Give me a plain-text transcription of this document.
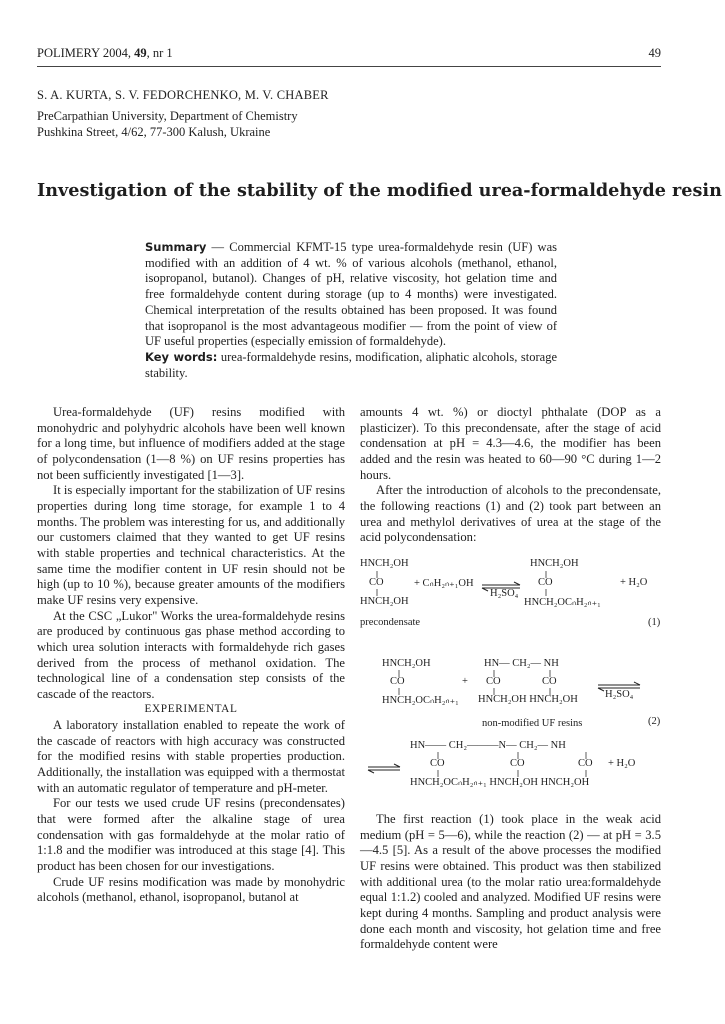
POLIMERY 2004, 49, nr 1	49
S. A. KURTA, S. V. FEDORCHENKO, M. V. CHABER
PreCarpathian University, Department of Chemistry
Pushkina Street, 4/62, 77-300 Kalush, Ukraine
Investigation of the stability of the modified urea-formaldehyde resin
Summary — Commercial KFMT-15 type urea-formaldehyde resin (UF) was modified with an addition of 4 wt. % of various alcohols (methanol, ethanol, isopropanol, butanol). Changes of pH, relative viscosity, hot gelation time and free formaldehyde content during storage (up to 4 months) were investigated. Chemical interpretation of the results obtained has been proposed. It was found that isopropanol is the most advantageous modifier — from the point of view of UF useful properties (especially emission of formaldehyde).
Key words: urea-formaldehyde resins, modification, aliphatic alcohols, storage stability.

Urea-formaldehyde (UF) resins modified with monohydric and polyhydric alcohols have been well known for a long time, but influence of modifiers added at the stage of polycondensation (1—8 %) on UF resins properties has not been sufficiently investigated [1—3].

It is especially important for the stabilization of UF resins properties during long time storage, for example 1 to 4 months. The problem was interesting for us, and additionally our customers claimed that they wanted to get UF resins with stable properties and technical characteristics. At the same time the modifier content in UF resin should not be high (up to 10 %), because greater amounts of the modifiers make UF resins very expensive.

At the CSC „Lukor" Works the urea-formaldehyde resins are produced by continuous gas phase method according to which urea solution interacts with formaldehyde rich gases derived from the process of methanol oxidation. The technological line of a condensation step consists of the cascade of the reactors.

EXPERIMENTAL

A laboratory installation enabled to repeate the work of the cascade of reactors with high accuracy was constructed for the modified resins with stable properties production. Additionally, the installation was equipped with a thermostat with an automatic regulator of temperature and pH-meter.

For our tests we used crude UF resins (precondensates) that were formed after the alkaline stage of urea condensation with gas formaldehyde at the molar ratio of 1:1.8 and the modifier was introduced at this stage [4]. This product has been chosen for our investigations.

Crude UF resins modification was made by monohydric alcohols (methanol, ethanol, isopropanol, butanol at

amounts 4 wt. %) or dioctyl phthalate (DOP as a plasticizer). To this precondensate, after the stage of acid condensation at pH = 4.3—4.6, the modifier has been added and the resin was heated to 60—90 °C during 1—2 hours.

After the introduction of alcohols to the precondensate, the following reactions (1) and (2) took part between an urea and methylol derivatives of urea at the stage of the acid polycondensation:

HNCH₂OH
CO
HNCH₂OH
+ CₙH₂ₙ₊₁OH
H₂SO₄
HNCH₂OH
CO
HNCH₂OCₙH₂ₙ₊₁
+ H₂O
precondensate	(1)
HNCH₂OH
CO
HNCH₂OCₙH₂ₙ₊₁
+
HN— CH₂— NH
CO	CO
HNCH₂OH HNCH₂OH	H₂SO₄
non-modified UF resins	(2)
HN—— CH₂———N— CH₂— NH
CO	CO	CO
HNCH₂OCₙH₂ₙ₊₁ HNCH₂OH HNCH₂OH
+ H₂O

The first reaction (1) took place in the weak acid medium (pH = 5—6), while the reaction (2) — at pH = 3.5—4.5 [5]. As a result of the above processes the modified UF resins were obtained. This product was then stabilized with additional urea (to the molar ratio urea:formaldehyde equal 1:1.2) cooled and analyzed. Modified UF resins were kept during 4 months. Sampling and product analysis were done each month and viscosity, hot gelation time and free formaldehyde content were
